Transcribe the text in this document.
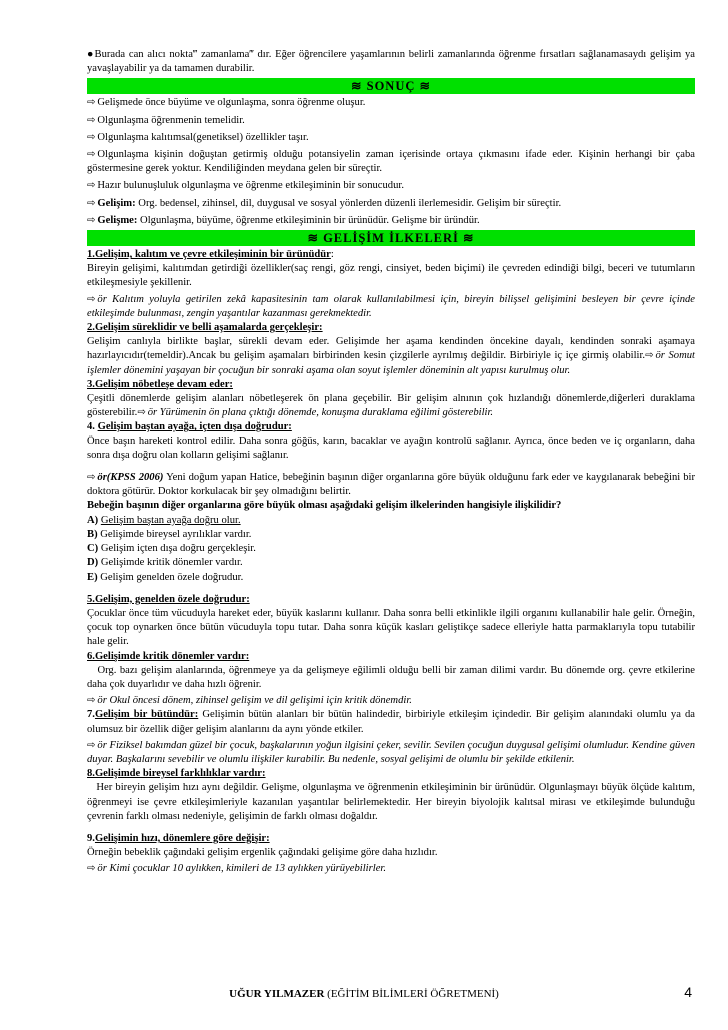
●Burada can alıcı nokta‴ zamanlama‴ dır. Eğer öğrencilere yaşamlarının belirli zamanlarında öğrenme fırsatları sağlanamasaydı gelişim ya yavaşlayabilir ya da tamamen durabilir.

≋ SONUÇ ≋

⇨ Gelişmede önce büyüme ve olgunlaşma, sonra öğrenme oluşur.

⇨ Olgunlaşma öğrenmenin temelidir.

⇨ Olgunlaşma kalıtımsal(genetiksel) özellikler taşır.

⇨ Olgunlaşma kişinin doğuştan getirmiş olduğu potansiyelin zaman içerisinde ortaya çıkmasını ifade eder. Kişinin herhangi bir çaba göstermesine gerek yoktur. Kendiliğinden meydana gelen bir süreçtir.

⇨ Hazır bulunuşluluk olgunlaşma ve öğrenme etkileşiminin bir sonucudur.

⇨ Gelişim: Org. bedensel, zihinsel, dil, duygusal ve sosyal yönlerden düzenli ilerlemesidir. Gelişim bir süreçtir.

⇨ Gelişme: Olgunlaşma, büyüme, öğrenme etkileşiminin bir ürünüdür. Gelişme bir üründür.

≋ GELİŞİM İLKELERİ ≋

1.Gelişim, kalıtım ve çevre etkileşiminin bir ürünüdür:

Bireyin gelişimi, kalıtımdan getirdiği özellikler(saç rengi, göz rengi, cinsiyet, beden biçimi) ile çevreden edindiği bilgi, beceri ve tutumların etkileşmesiyle şekillenir.

⇨ ör Kalıtım yoluyla getirilen zekâ kapasitesinin tam olarak kullanılabilmesi için, bireyin bilişsel gelişimini besleyen bir çevre içinde etkileşimde bulunması, zengin yaşantılar kazanması gerekmektedir.

2.Gelişim süreklidir ve belli aşamalarda gerçekleşir:

Gelişim canlıyla birlikte başlar, sürekli devam eder. Gelişimde her aşama kendinden öncekine dayalı, kendinden sonraki aşamaya hazırlayıcıdır(temeldir).Ancak bu gelişim aşamaları birbirinden kesin çizgilerle ayrılmış değildir. Birbiriyle iç içe girmiş olabilir.⇨ ör Somut işlemler dönemini yaşayan bir çocuğun bir sonraki aşama olan soyut işlemler döneminin alt yapısı kurulmuş olur.

3.Gelişim nöbetleşe devam eder:

Çeşitli dönemlerde gelişim alanları nöbetleşerek ön plana geçebilir. Bir gelişim alnının çok hızlandığı dönemlerde,diğerleri duraklama gösterebilir.⇨ ör Yürümenin ön plana çıktığı dönemde, konuşma duraklama eğilimi gösterebilir.

4. Gelişim baştan ayağa, içten dışa doğrudur:

Önce başın hareketi kontrol edilir. Daha sonra göğüs, karın, bacaklar ve ayağın kontrolü sağlanır. Ayrıca, önce beden ve iç organların, daha sonra dışa doğru olan kolların gelişimi sağlanır.

⇨ ör(KPSS 2006) Yeni doğum yapan Hatice, bebeğinin başının diğer organlarına göre büyük olduğunu fark eder ve kaygılanarak bebeğini bir doktora götürür. Doktor korkulacak bir şey olmadığını belirtir.

Bebeğin başının diğer organlarına göre büyük olması aşağıdaki gelişim ilkelerinden hangisiyle ilişkilidir?

A) Gelişim baştan ayağa doğru olur.

B) Gelişimde bireysel ayrılıklar vardır.

C) Gelişim içten dışa doğru gerçekleşir.

D) Gelişimde kritik dönemler vardır.

E) Gelişim genelden özele doğrudur.

5.Gelişim, genelden özele doğrudur:

Çocuklar önce tüm vücuduyla hareket eder, büyük kaslarını kullanır. Daha sonra belli etkinlikle ilgili organını kullanabilir hale gelir. Örneğin, çocuk top oynarken önce bütün vücuduyla topu tutar. Daha sonra küçük kasları geliştikçe sadece elleriyle hatta parmaklarıyla topu tutabilir hale gelir.

6.Gelişimde kritik dönemler vardır:

Org. bazı gelişim alanlarında, öğrenmeye ya da gelişmeye eğilimli olduğu belli bir zaman dilimi vardır. Bu dönemde org. çevre etkilerine daha çok duyarlıdır ve daha hızlı öğrenir.

⇨ ör Okul öncesi dönem, zihinsel gelişim ve dil gelişimi için kritik dönemdir.

7.Gelişim bir bütündür: Gelişimin bütün alanları bir bütün halindedir, birbiriyle etkileşim içindedir. Bir gelişim alanındaki olumlu ya da olumsuz bir özellik diğer gelişim alanlarını da aynı yönde etkiler.

⇨ ör Fiziksel bakımdan güzel bir çocuk, başkalarının yoğun ilgisini çeker, sevilir. Sevilen çocuğun duygusal gelişimi olumludur. Kendine güven duyar. Başkalarını sevebilir ve olumlu ilişkiler kurabilir. Bu nedenle, sosyal gelişimi de olumlu bir şekilde etkilenir.

8.Gelişimde bireysel farklılıklar vardır:

Her bireyin gelişim hızı aynı değildir. Gelişme, olgunlaşma ve öğrenmenin etkileşiminin bir ürünüdür. Olgunlaşmayı büyük ölçüde kalıtım, öğrenmeyi ise çevre etkileşimleriyle kazanılan yaşantılar belirlemektedir. Her bireyin biyolojik kalıtsal mirası ve etkileşimde bulunduğu çevrenin farklı olması nedeniyle, gelişimin de farklı olması doğaldır.

9.Gelişimin hızı, dönemlere göre değişir:

Örneğin bebeklik çağındaki gelişim ergenlik çağındaki gelişime göre daha hızlıdır.

⇨ ör Kimi çocuklar 10 aylıkken, kimileri de 13 aylıkken yürüyebilirler.

UĞUR YILMAZER (EĞİTİM BİLİMLERİ ÖĞRETMENİ)	4
